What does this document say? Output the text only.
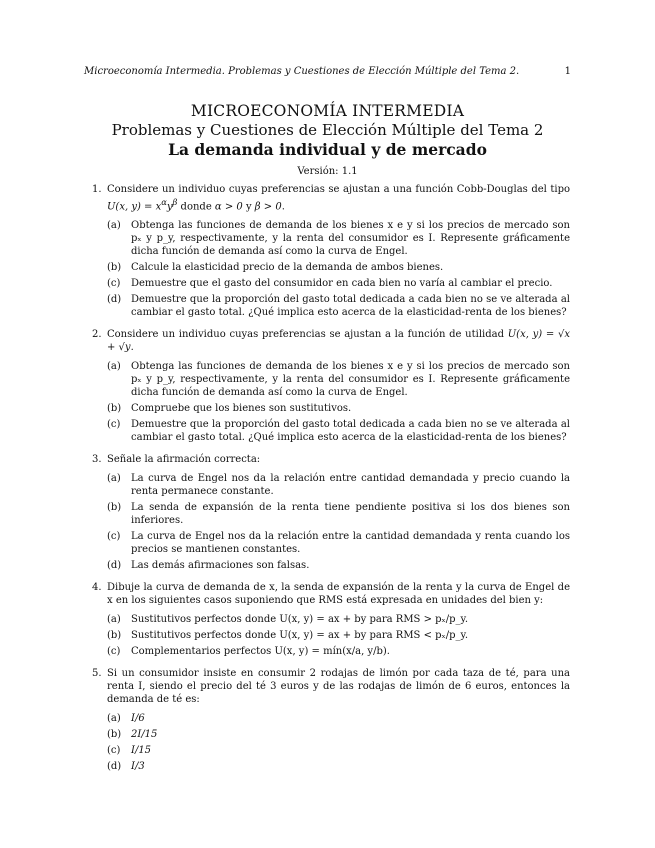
Microeconomía Intermedia. Problemas y Cuestiones de Elección Múltiple del Tema 2.	1
MICROECONOMÍA INTERMEDIA
Problemas y Cuestiones de Elección Múltiple del Tema 2
La demanda individual y de mercado
Versión: 1.1
1. Considere un individuo cuyas preferencias se ajustan a una función Cobb-Douglas del tipo U(x, $y) = x^\alpha y^\beta$ donde α > 0 y β > 0.
(a) Obtenga las funciones de demanda de los bienes x e y si los precios de mercado son pₓ y p_y, respectivamente, y la renta del consumidor es I. Represente gráficamente dicha función de demanda así como la curva de Engel.
(b) Calcule la elasticidad precio de la demanda de ambos bienes.
(c) Demuestre que el gasto del consumidor en cada bien no varía al cambiar el precio.
(d) Demuestre que la proporción del gasto total dedicada a cada bien no se ve alterada al cambiar el gasto total. ¿Qué implica esto acerca de la elasticidad-renta de los bienes?
2. Considere un individuo cuyas preferencias se ajustan a la función de utilidad U(x, y) = √x + √y.
(a) Obtenga las funciones de demanda de los bienes x e y si los precios de mercado son pₓ y p_y, respectivamente, y la renta del consumidor es I. Represente gráficamente dicha función de demanda así como la curva de Engel.
(b) Compruebe que los bienes son sustitutivos.
(c) Demuestre que la proporción del gasto total dedicada a cada bien no se ve alterada al cambiar el gasto total. ¿Qué implica esto acerca de la elasticidad-renta de los bienes?
3. Señale la afirmación correcta:
(a) La curva de Engel nos da la relación entre cantidad demandada y precio cuando la renta permanece constante.
(b) La senda de expansión de la renta tiene pendiente positiva si los dos bienes son inferiores.
(c) La curva de Engel nos da la relación entre la cantidad demandada y renta cuando los precios se mantienen constantes.
(d) Las demás afirmaciones son falsas.
4. Dibuje la curva de demanda de x, la senda de expansión de la renta y la curva de Engel de x en los siguientes casos suponiendo que RMS está expresada en unidades del bien y:
(a) Sustitutivos perfectos donde U(x, y) = ax + by para RMS > pₓ/p_y.
(b) Sustitutivos perfectos donde U(x, y) = ax + by para RMS < pₓ/p_y.
(c) Complementarios perfectos U(x, y) = mín(x/a, y/b).
5. Si un consumidor insiste en consumir 2 rodajas de limón por cada taza de té, para una renta I, siendo el precio del té 3 euros y de las rodajas de limón de 6 euros, entonces la demanda de té es:
(a) I/6
(b) 2I/15
(c) I/15
(d) I/3
